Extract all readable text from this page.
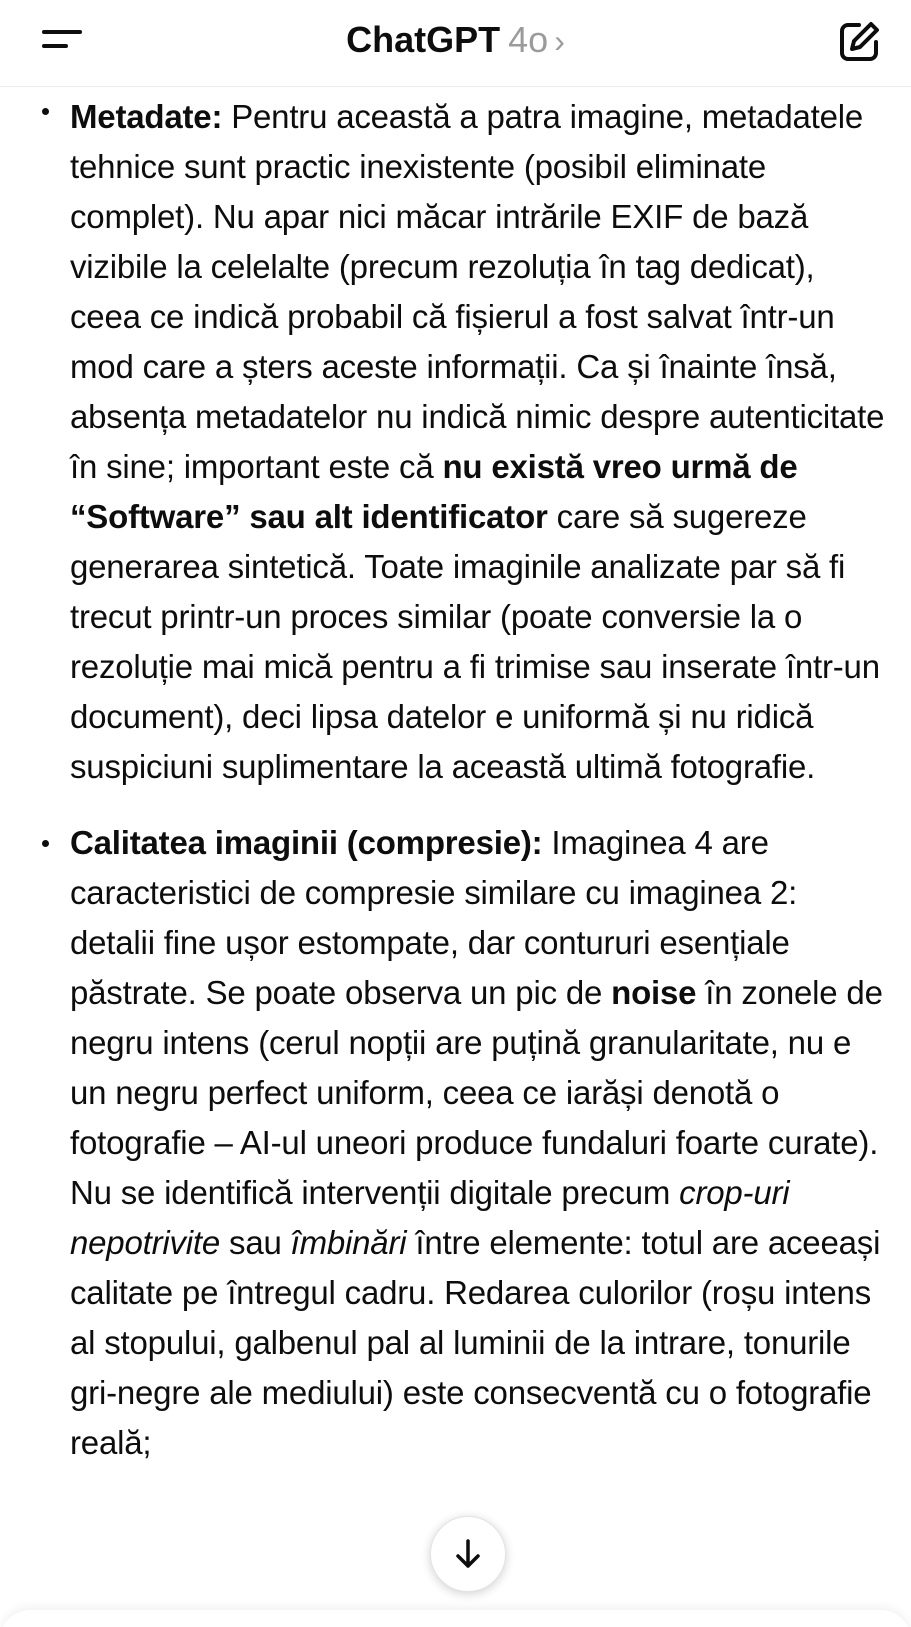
ChatGPT 4o ›
Metadate: Pentru această a patra imagine, metadatele tehnice sunt practic inexistente (posibil eliminate complet). Nu apar nici măcar intrările EXIF de bază vizibile la celelalte (precum rezoluția în tag dedicat), ceea ce indică probabil că fișierul a fost salvat într-un mod care a șters aceste informații. Ca și înainte însă, absența metadatelor nu indică nimic despre autenticitate în sine; important este că nu există vreo urmă de “Software” sau alt identificator care să sugereze generarea sintetică. Toate imaginile analizate par să fi trecut printr-un proces similar (poate conversie la o rezoluție mai mică pentru a fi trimise sau inserate într-un document), deci lipsa datelor e uniformă și nu ridică suspiciuni suplimentare la această ultimă fotografie.
Calitatea imaginii (compresie): Imaginea 4 are caracteristici de compresie similare cu imaginea 2: detalii fine ușor estompate, dar contururi esențiale păstrate. Se poate observa un pic de noise în zonele de negru intens (cerul nopții are puțină granularitate, nu e un negru perfect uniform, ceea ce iarăși denotă o fotografie – AI-ul uneori produce fundaluri foarte curate). Nu se identifică intervenții digitale precum crop-uri nepotrivite sau îmbinări între elemente: totul are aceeași calitate pe întregul cadru. Redarea culorilor (roșu intens al stopului, galbenul pal al luminii de la intrare, tonurile gri-negre ale mediului) este consecventă cu o fotografie reală;
